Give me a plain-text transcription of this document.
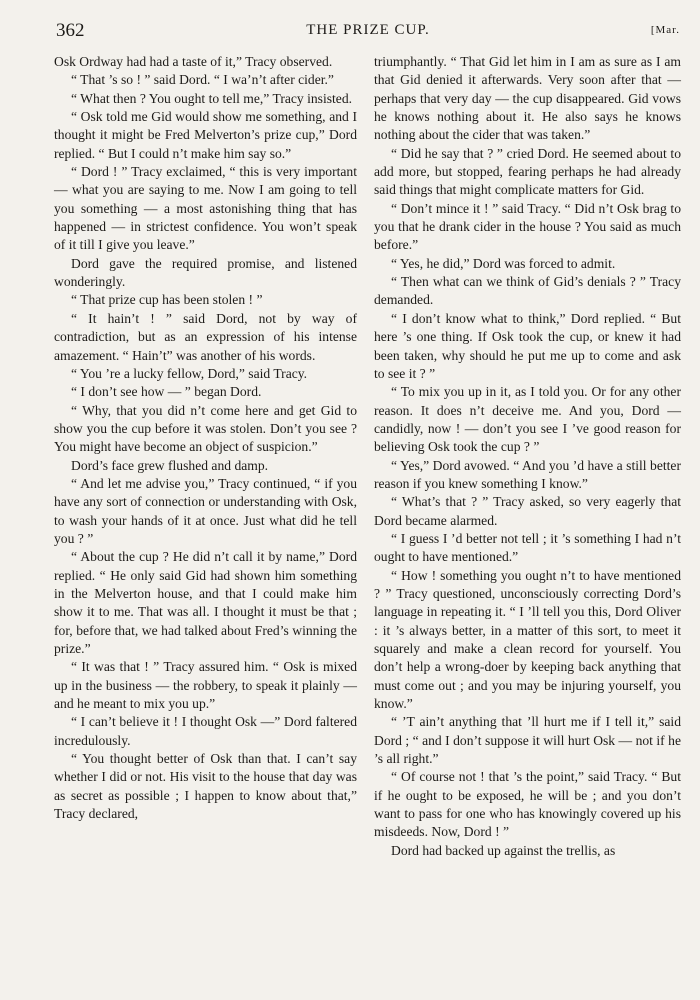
362	THE PRIZE CUP.	[Mar.

Osk Ordway had had a taste of it,” Tracy observed.

“ That ’s so ! ” said Dord. “ I wa’n’t after cider.”

“ What then ? You ought to tell me,” Tracy insisted.

“ Osk told me Gid would show me something, and I thought it might be Fred Melverton’s prize cup,” Dord replied. “ But I could n’t make him say so.”

“ Dord ! ” Tracy exclaimed, “ this is very important — what you are saying to me. Now I am going to tell you something — a most astonishing thing that has happened — in strictest confidence. You won’t speak of it till I give you leave.”

Dord gave the required promise, and listened wonderingly.

“ That prize cup has been stolen ! ”

“ It hain’t ! ” said Dord, not by way of contradiction, but as an expression of his intense amazement. “ Hain’t” was another of his words.

“ You ’re a lucky fellow, Dord,” said Tracy.

“ I don’t see how — ” began Dord.

“ Why, that you did n’t come here and get Gid to show you the cup before it was stolen. Don’t you see ? You might have become an object of suspicion.”

Dord’s face grew flushed and damp.

“ And let me advise you,” Tracy continued, “ if you have any sort of connection or understanding with Osk, to wash your hands of it at once. Just what did he tell you ? ”

“ About the cup ? He did n’t call it by name,” Dord replied. “ He only said Gid had shown him something in the Melverton house, and that I could make him show it to me. That was all. I thought it must be that ; for, before that, we had talked about Fred’s winning the prize.”

“ It was that ! ” Tracy assured him. “ Osk is mixed up in the business — the robbery, to speak it plainly — and he meant to mix you up.”

“ I can’t believe it ! I thought Osk —” Dord faltered incredulously.

“ You thought better of Osk than that. I can’t say whether I did or not. His visit to the house that day was as secret as possible ; I happen to know about that,” Tracy declared,

triumphantly. “ That Gid let him in I am as sure as I am that Gid denied it afterwards. Very soon after that — perhaps that very day — the cup disappeared. Gid vows he knows nothing about it. He also says he knows nothing about the cider that was taken.”

“ Did he say that ? ” cried Dord. He seemed about to add more, but stopped, fearing perhaps he had already said things that might complicate matters for Gid.

“ Don’t mince it ! ” said Tracy. “ Did n’t Osk brag to you that he drank cider in the house ? You said as much before.”

“ Yes, he did,” Dord was forced to admit.

“ Then what can we think of Gid’s denials ? ” Tracy demanded.

“ I don’t know what to think,” Dord replied. “ But here ’s one thing. If Osk took the cup, or knew it had been taken, why should he put me up to come and ask to see it ? ”

“ To mix you up in it, as I told you. Or for any other reason. It does n’t deceive me. And you, Dord — candidly, now ! — don’t you see I ’ve good reason for believing Osk took the cup ? ”

“ Yes,” Dord avowed. “ And you ’d have a still better reason if you knew something I know.”

“ What’s that ? ” Tracy asked, so very eagerly that Dord became alarmed.

“ I guess I ’d better not tell ; it ’s something I had n’t ought to have mentioned.”

“ How ! something you ought n’t to have mentioned ? ” Tracy questioned, unconsciously correcting Dord’s language in repeating it. “ I ’ll tell you this, Dord Oliver : it ’s always better, in a matter of this sort, to meet it squarely and make a clean record for yourself. You don’t help a wrong-doer by keeping back anything that must come out ; and you may be injuring yourself, you know.”

“ ’T ain’t anything that ’ll hurt me if I tell it,” said Dord ; “ and I don’t suppose it will hurt Osk — not if he ’s all right.”

“ Of course not ! that ’s the point,” said Tracy. “ But if he ought to be exposed, he will be ; and you don’t want to pass for one who has knowingly covered up his misdeeds. Now, Dord ! ”

Dord had backed up against the trellis, as
